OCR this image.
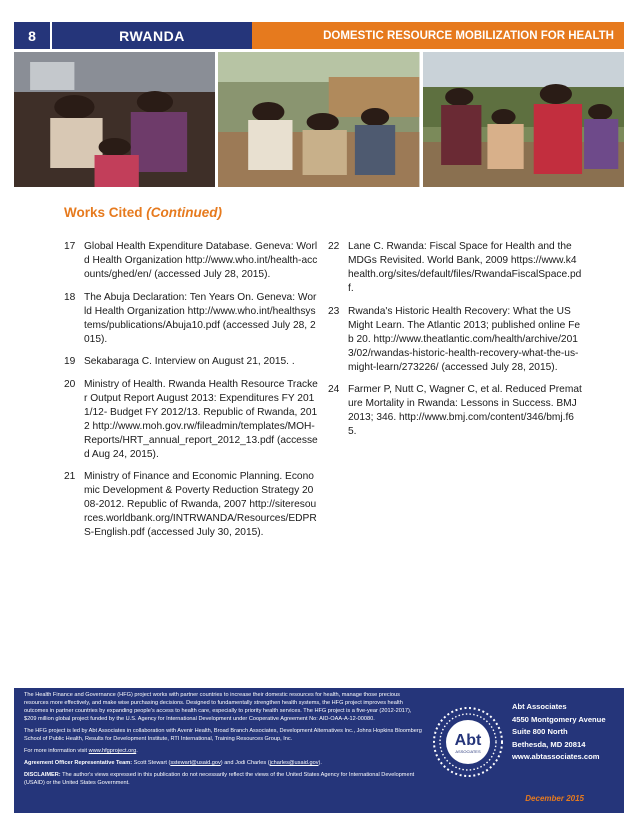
8	RWANDA	DOMESTIC RESOURCE MOBILIZATION FOR HEALTH
Works Cited (Continued)
17 Global Health Expenditure Database. Geneva: World Health Organization http://www.who.int/health-accounts/ghed/en/ (accessed July 28, 2015).
18 The Abuja Declaration: Ten Years On. Geneva: World Health Organization http://www.who.int/healthsystems/publications/Abuja10.pdf (accessed July 28, 2015).
19 Sekabaraga C. Interview on August 21, 2015. .
20 Ministry of Health. Rwanda Health Resource Tracker Output Report August 2013: Expenditures FY 2011/12- Budget FY 2012/13. Republic of Rwanda, 2012 http://www.moh.gov.rw/fileadmin/templates/MOH-Reports/HRT_annual_report_2012_13.pdf (accessed Aug 24, 2015).
21 Ministry of Finance and Economic Planning. Economic Development & Poverty Reduction Strategy 2008-2012. Republic of Rwanda, 2007 http://siteresources.worldbank.org/INTRWANDA/Resources/EDPRS-English.pdf (accessed July 30, 2015).
22 Lane C. Rwanda: Fiscal Space for Health and the MDGs Revisited. World Bank, 2009 https://www.k4health.org/sites/default/files/RwandaFiscalSpace.pdf.
23 Rwanda's Historic Health Recovery: What the US Might Learn. The Atlantic 2013; published online Feb 20. http://www.theatlantic.com/health/archive/2013/02/rwandas-historic-health-recovery-what-the-us-might-learn/273226/ (accessed July 28, 2015).
24 Farmer P, Nutt C, Wagner C, et al. Reduced Premature Mortality in Rwanda: Lessons in Success. BMJ 2013; 346. http://www.bmj.com/content/346/bmj.f65.

The Health Finance and Governance (HFG) project works with partner countries to increase their domestic resources for health, manage those precious resources more effectively, and make wise purchasing decisions. Designed to fundamentally strengthen health systems, the HFG project improves health outcomes in partner countries by expanding people's access to health care, especially to priority health services. The HFG project is a five-year (2012-2017), $209 million global project funded by the U.S. Agency for International Development under Cooperative Agreement No: AID-OAA-A-12-00080.

The HFG project is led by Abt Associates in collaboration with Avenir Health, Broad Branch Associates, Development Alternatives Inc., Johns Hopkins Bloomberg School of Public Health, Results for Development Institute, RTI International, Training Resources Group, Inc.

For more information visit www.hfgproject.org.

Agreement Officer Representative Team: Scott Stewart (sstewart@usaid.gov) and Jodi Charles (jcharles@usaid.gov).

DISCLAIMER: The author's views expressed in this publication do not necessarily reflect the views of the United States Agency for International Development (USAID) or the United States Government.

Abt
ASSOCIATES
Abt Associates
4550 Montgomery Avenue
Suite 800 North
Bethesda, MD 20814
www.abtassociates.com
December 2015
